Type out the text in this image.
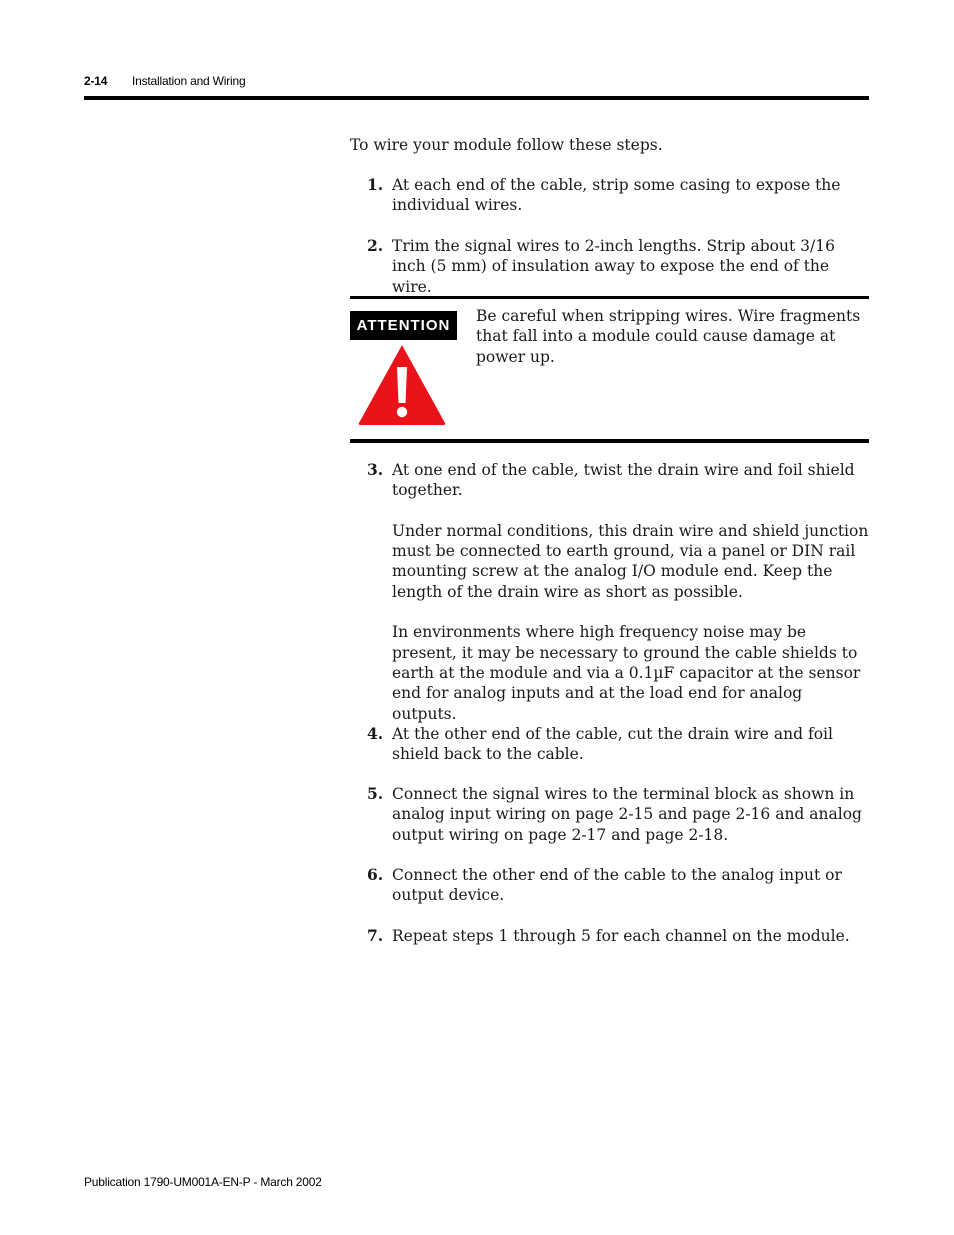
2-14 Installation and Wiring
To wire your module follow these steps.
1. At each end of the cable, strip some casing to expose the individual wires.

2. Trim the signal wires to 2-inch lengths. Strip about 3/16 inch (5 mm) of insulation away to expose the end of the wire.

ATTENTION
Be careful when stripping wires. Wire fragments that fall into a module could cause damage at power up.
3. At one end of the cable, twist the drain wire and foil shield together.

Under normal conditions, this drain wire and shield junction must be connected to earth ground, via a panel or DIN rail mounting screw at the analog I/O module end. Keep the length of the drain wire as short as possible.

In environments where high frequency noise may be present, it may be necessary to ground the cable shields to earth at the module and via a 0.1µF capacitor at the sensor end for analog inputs and at the load end for analog outputs.

4. At the other end of the cable, cut the drain wire and foil shield back to the cable.

5. Connect the signal wires to the terminal block as shown in analog input wiring on page 2-15 and page 2-16 and analog output wiring on page 2-17 and page 2-18.

6. Connect the other end of the cable to the analog input or output device.

7. Repeat steps 1 through 5 for each channel on the module.

Publication 1790-UM001A-EN-P - March 2002
